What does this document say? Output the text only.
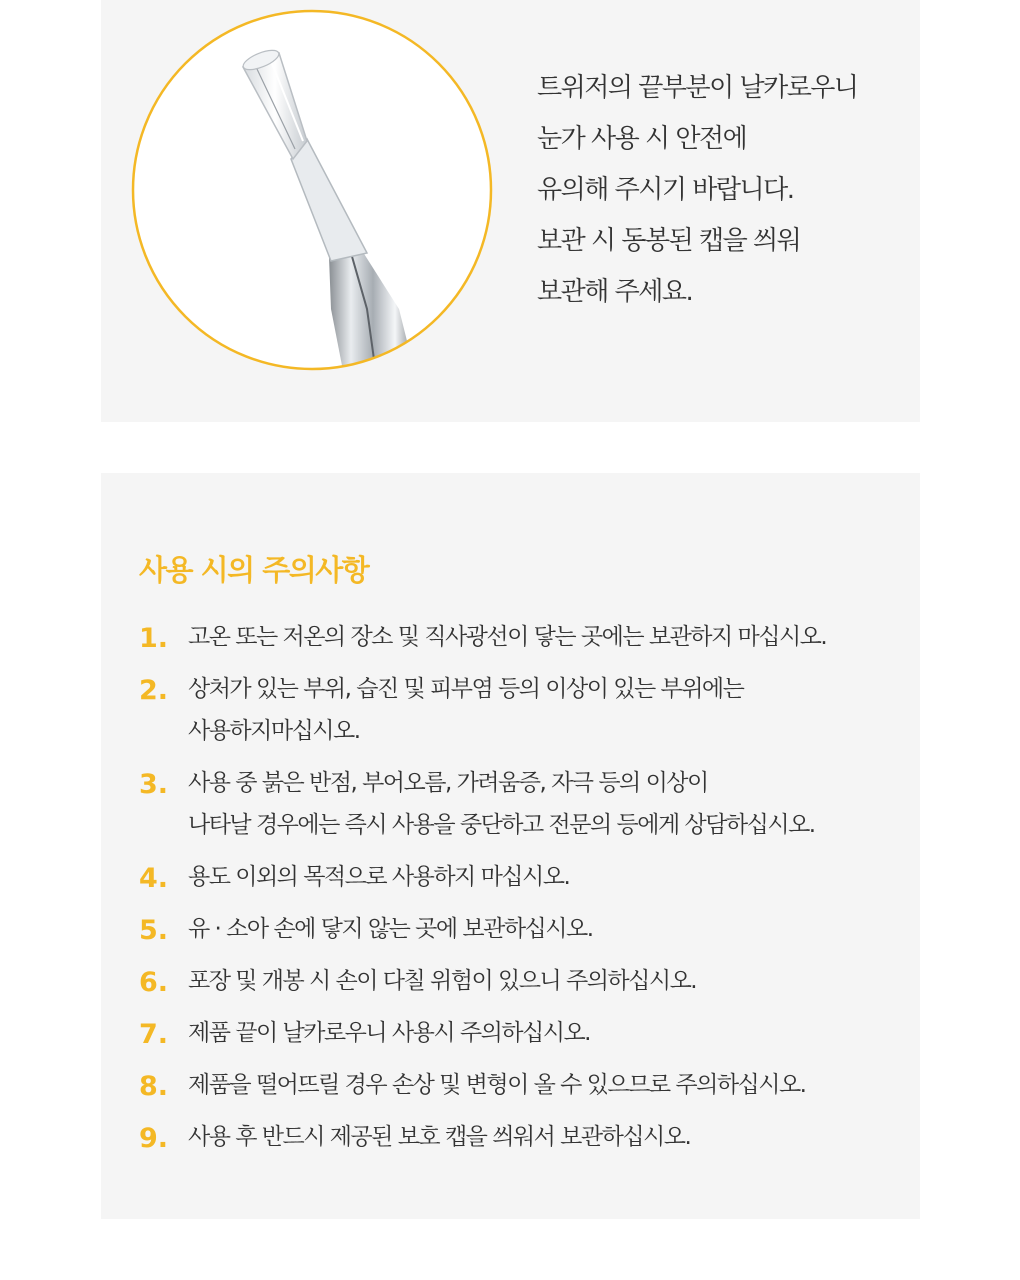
트위저의 끝부분이 날카로우니
눈가 사용 시 안전에
유의해 주시기 바랍니다.
보관 시 동봉된 캡을 씌워
보관해 주세요.
사용 시의 주의사항
1. 고온 또는 저온의 장소 및 직사광선이 닿는 곳에는 보관하지 마십시오.
2. 상처가 있는 부위, 습진 및 피부염 등의 이상이 있는 부위에는
사용하지마십시오.
3. 사용 중 붉은 반점, 부어오름, 가려움증, 자극 등의 이상이
나타날 경우에는 즉시 사용을 중단하고 전문의 등에게 상담하십시오.
4. 용도 이외의 목적으로 사용하지 마십시오.
5. 유 · 소아 손에 닿지 않는 곳에 보관하십시오.
6. 포장 및 개봉 시 손이 다칠 위험이 있으니 주의하십시오.
7. 제품 끝이 날카로우니 사용시 주의하십시오.
8. 제품을 떨어뜨릴 경우 손상 및 변형이 올 수 있으므로 주의하십시오.
9. 사용 후 반드시 제공된 보호 캡을 씌워서 보관하십시오.
